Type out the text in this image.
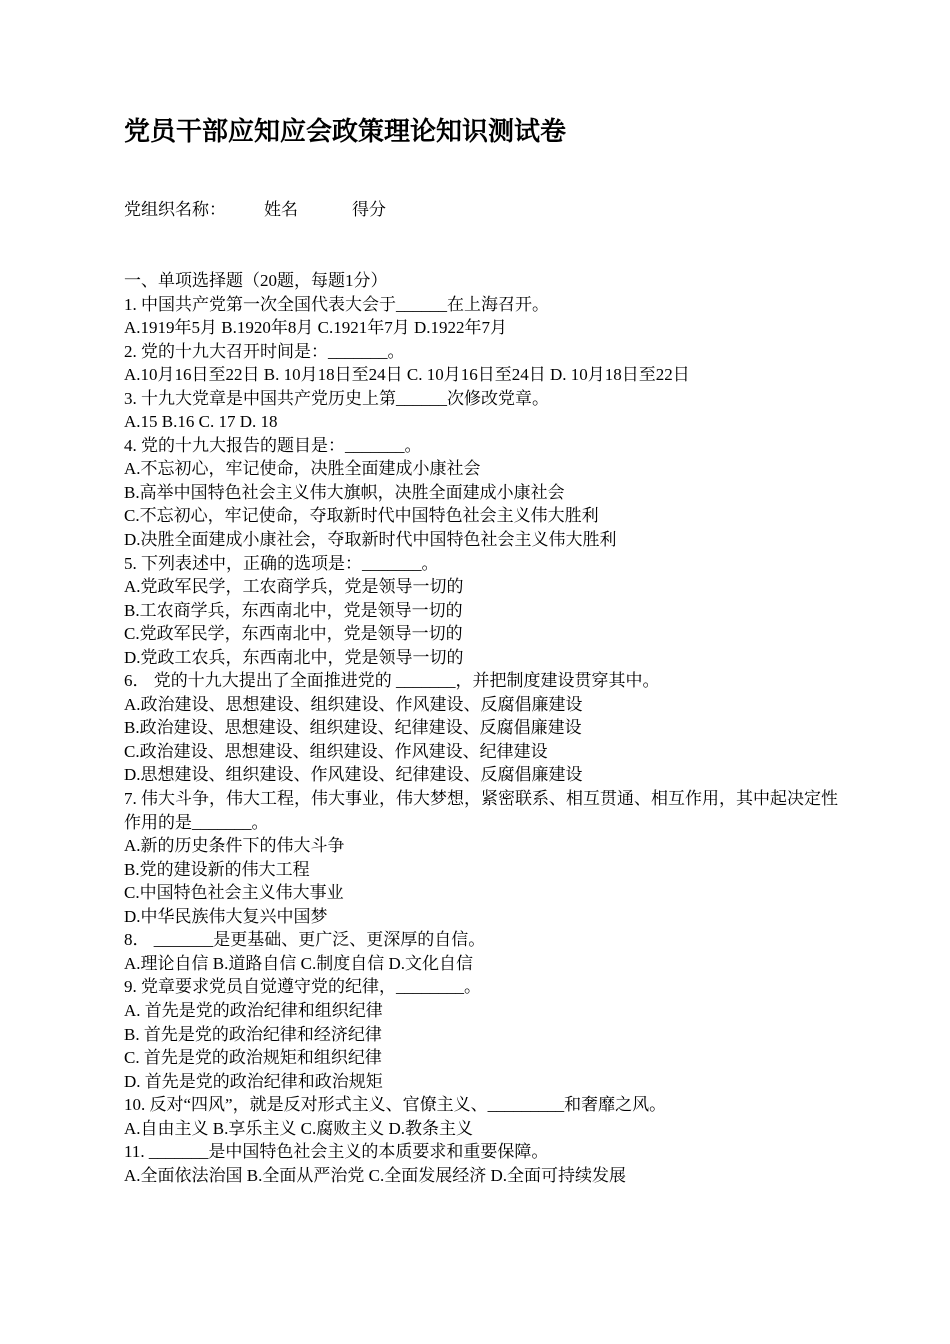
党员干部应知应会政策理论知识测试卷
党组织名称： 姓名	得分

一、单项选择题（20题，每题1分）

1. 中国共产党第一次全国代表大会于______在上海召开。

A.1919年5月 B.1920年8月 C.1921年7月 D.1922年7月

2. 党的十九大召开时间是：_______。

A.10月16日至22日 B. 10月18日至24日 C. 10月16日至24日 D. 10月18日至22日

3. 十九大党章是中国共产党历史上第______次修改党章。

A.15 B.16 C. 17 D. 18

4. 党的十九大报告的题目是：_______。

A.不忘初心，牢记使命，决胜全面建成小康社会

B.高举中国特色社会主义伟大旗帜，决胜全面建成小康社会

C.不忘初心，牢记使命，夺取新时代中国特色社会主义伟大胜利

D.决胜全面建成小康社会，夺取新时代中国特色社会主义伟大胜利

5. 下列表述中，正确的选项是：_______。

A.党政军民学，工农商学兵，党是领导一切的

B.工农商学兵，东西南北中，党是领导一切的

C.党政军民学，东西南北中，党是领导一切的

D.党政工农兵，东西南北中，党是领导一切的

6． 党的十九大提出了全面推进党的 _______，并把制度建设贯穿其中。

A.政治建设、思想建设、组织建设、作风建设、反腐倡廉建设

B.政治建设、思想建设、组织建设、纪律建设、反腐倡廉建设

C.政治建设、思想建设、组织建设、作风建设、纪律建设

D.思想建设、组织建设、作风建设、纪律建设、反腐倡廉建设

7. 伟大斗争，伟大工程，伟大事业，伟大梦想，紧密联系、相互贯通、相互作用，其中起决定性作用的是_______。

A.新的历史条件下的伟大斗争

B.党的建设新的伟大工程

C.中国特色社会主义伟大事业

D.中华民族伟大复兴中国梦

8． _______是更基础、更广泛、更深厚的自信。

A.理论自信 B.道路自信 C.制度自信 D.文化自信

9. 党章要求党员自觉遵守党的纪律，________。

A. 首先是党的政治纪律和组织纪律

B. 首先是党的政治纪律和经济纪律

C. 首先是党的政治规矩和组织纪律

D. 首先是党的政治纪律和政治规矩

10. 反对“四风”，就是反对形式主义、官僚主义、_________和奢靡之风。

A.自由主义 B.享乐主义 C.腐败主义 D.教条主义

11. _______是中国特色社会主义的本质要求和重要保障。

A.全面依法治国 B.全面从严治党 C.全面发展经济 D.全面可持续发展
